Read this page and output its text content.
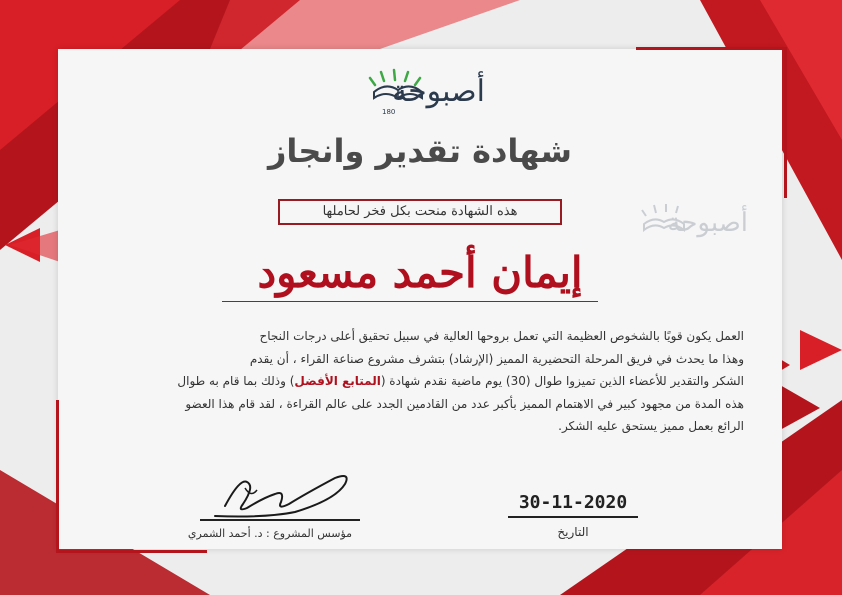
أصبوحة
180
أصبوحة
شهادة تقدير وانجاز
هذه الشهادة منحت بكل فخر لحاملها
إيمان أحمد مسعود

العمل يكون قويًا بالشخوص العظيمة التي تعمل بروحها العالية في سبيل تحقيق أعلى درجات النجاح

وهذا ما يحدث في فريق المرحلة التحضيرية المميز (الإرشاد) بتشرف مشروع صناعة القراء ، أن يقدم

الشكر والتقدير للأعضاء الذين تميزوا طوال (30) يوم ماضية نقدم شهادة (المتابع الأفضل) وذلك بما قام به طوال

هذه المدة من مجهود كبير في الاهتمام المميز بأكبر عدد من القادمين الجدد على عالم القراءة ، لقد قام هذا العضو

الرائع بعمل مميز يستحق عليه الشكر.

مؤسس المشروع : د. أحمد الشمري
30-11-2020
التاريخ
